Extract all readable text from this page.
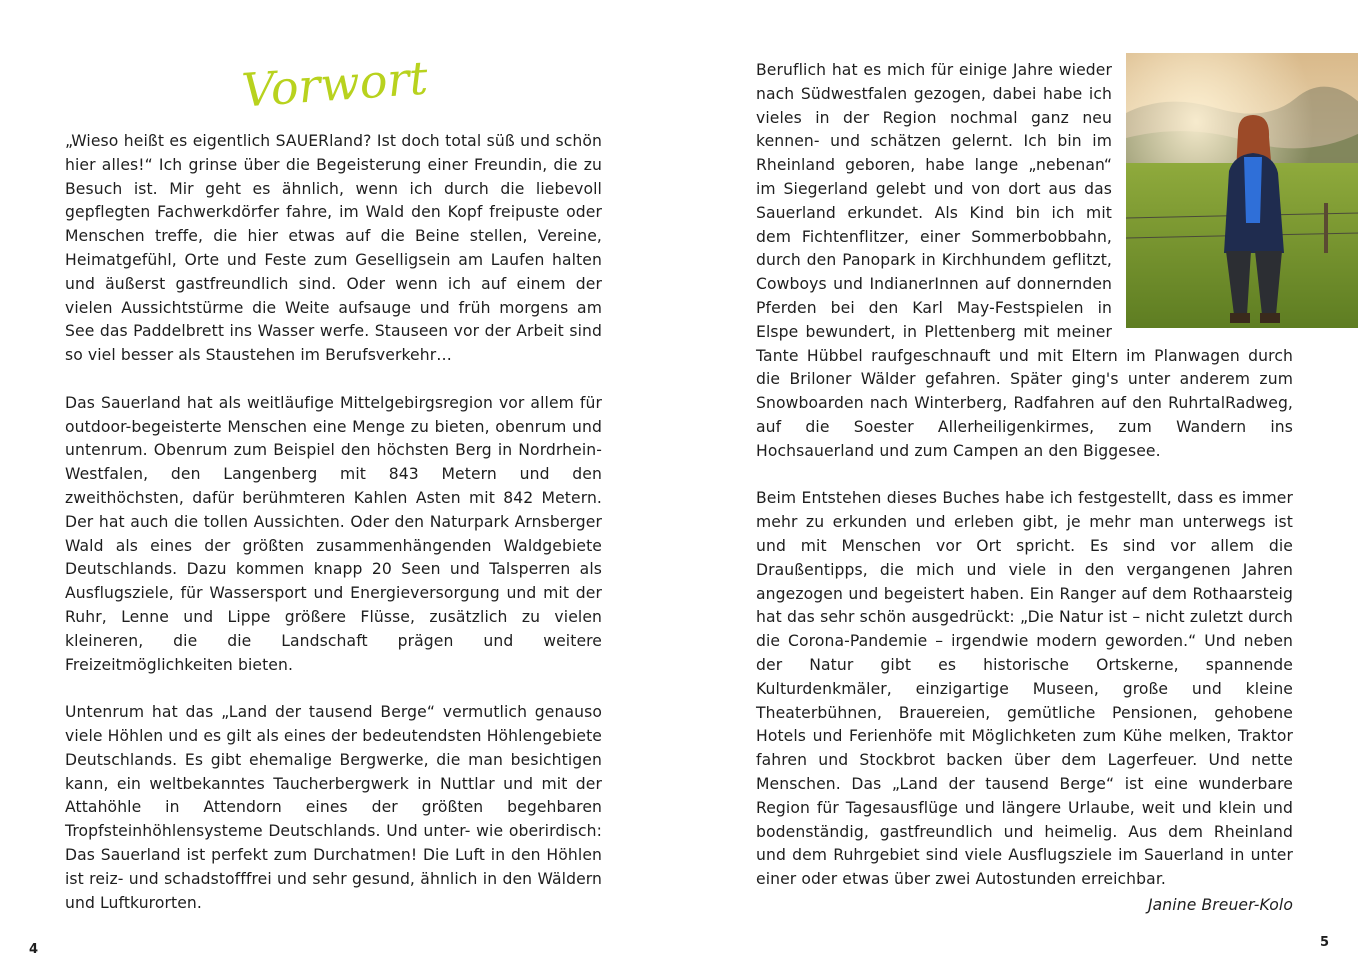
Vorwort

„Wieso heißt es eigentlich SAUERland? Ist doch total süß und schön hier alles!“ Ich grinse über die Begeisterung einer Freundin, die zu Besuch ist. Mir geht es ähnlich, wenn ich durch die liebevoll gepflegten Fachwerkdörfer fahre, im Wald den Kopf freipuste oder Menschen treffe, die hier etwas auf die Beine stellen, Vereine, Heimatgefühl, Orte und Feste zum Geselligsein am Laufen halten und äußerst gastfreundlich sind. Oder wenn ich auf einem der vielen Aussichtstürme die Weite aufsauge und früh morgens am See das Paddelbrett ins Wasser werfe. Stauseen vor der Arbeit sind so viel besser als Staustehen im Berufsverkehr…

Das Sauerland hat als weitläufige Mittelgebirgsregion vor allem für outdoor-begeisterte Menschen eine Menge zu bieten, obenrum und untenrum. Obenrum zum Beispiel den höchsten Berg in Nordrhein-Westfalen, den Langenberg mit 843 Metern und den zweithöchsten, dafür berühmteren Kahlen Asten mit 842 Metern. Der hat auch die tollen Aussichten. Oder den Naturpark Arnsberger Wald als eines der größten zusammenhängenden Waldgebiete Deutschlands. Dazu kommen knapp 20 Seen und Talsperren als Ausflugsziele, für Wassersport und Energieversorgung und mit der Ruhr, Lenne und Lippe größere Flüsse, zusätzlich zu vielen kleineren, die die Landschaft prägen und weitere Freizeitmöglichkeiten bieten.

Untenrum hat das „Land der tausend Berge“ vermutlich genauso viele Höhlen und es gilt als eines der bedeutendsten Höhlengebiete Deutschlands. Es gibt ehemalige Bergwerke, die man besichtigen kann, ein weltbekanntes Taucherbergwerk in Nuttlar und mit der Attahöhle in Attendorn eines der größten begehbaren Tropfsteinhöhlensysteme Deutschlands. Und unter- wie oberirdisch: Das Sauerland ist perfekt zum Durchatmen! Die Luft in den Höhlen ist reiz- und schadstofffrei und sehr gesund, ähnlich in den Wäldern und Luftkurorten.

4

Beruflich hat es mich für einige Jahre wieder nach Südwestfalen gezogen, dabei habe ich vieles in der Region nochmal ganz neu kennen- und schätzen gelernt. Ich bin im Rheinland geboren, habe lange „nebenan“ im Siegerland gelebt und von dort aus das Sauerland erkundet. Als Kind bin ich mit dem Fichtenflitzer, einer Sommerbobbahn, durch den Panopark in Kirchhundem geflitzt, Cowboys und IndianerInnen auf donnernden Pferden bei den Karl May-Festspielen in Elspe bewundert, in Plettenberg mit meiner Tante Hübbel raufgeschnauft und mit Eltern im Planwagen durch die Briloner Wälder gefahren. Später ging's unter anderem zum Snowboarden nach Winterberg, Radfahren auf den RuhrtalRadweg, auf die Soester Allerheiligenkirmes, zum Wandern ins Hochsauerland und zum Campen an den Biggesee.

Beim Entstehen dieses Buches habe ich festgestellt, dass es immer mehr zu erkunden und erleben gibt, je mehr man unterwegs ist und mit Menschen vor Ort spricht. Es sind vor allem die Draußentipps, die mich und viele in den vergangenen Jahren angezogen und begeistert haben. Ein Ranger auf dem Rothaarsteig hat das sehr schön ausgedrückt: „Die Natur ist – nicht zuletzt durch die Corona-Pandemie – irgendwie modern geworden.“ Und neben der Natur gibt es historische Ortskerne, spannende Kulturdenkmäler, einzigartige Museen, große und kleine Theaterbühnen, Brauereien, gemütliche Pensionen, gehobene Hotels und Ferienhöfe mit Möglichketen zum Kühe melken, Traktor fahren und Stockbrot backen über dem Lagerfeuer. Und nette Menschen. Das „Land der tausend Berge“ ist eine wunderbare Region für Tagesausflüge und längere Urlaube, weit und klein und bodenständig, gastfreundlich und heimelig. Aus dem Rheinland und dem Ruhrgebiet sind viele Ausflugsziele im Sauerland in unter einer oder etwas über zwei Autostunden erreichbar.

Janine Breuer-Kolo
5
